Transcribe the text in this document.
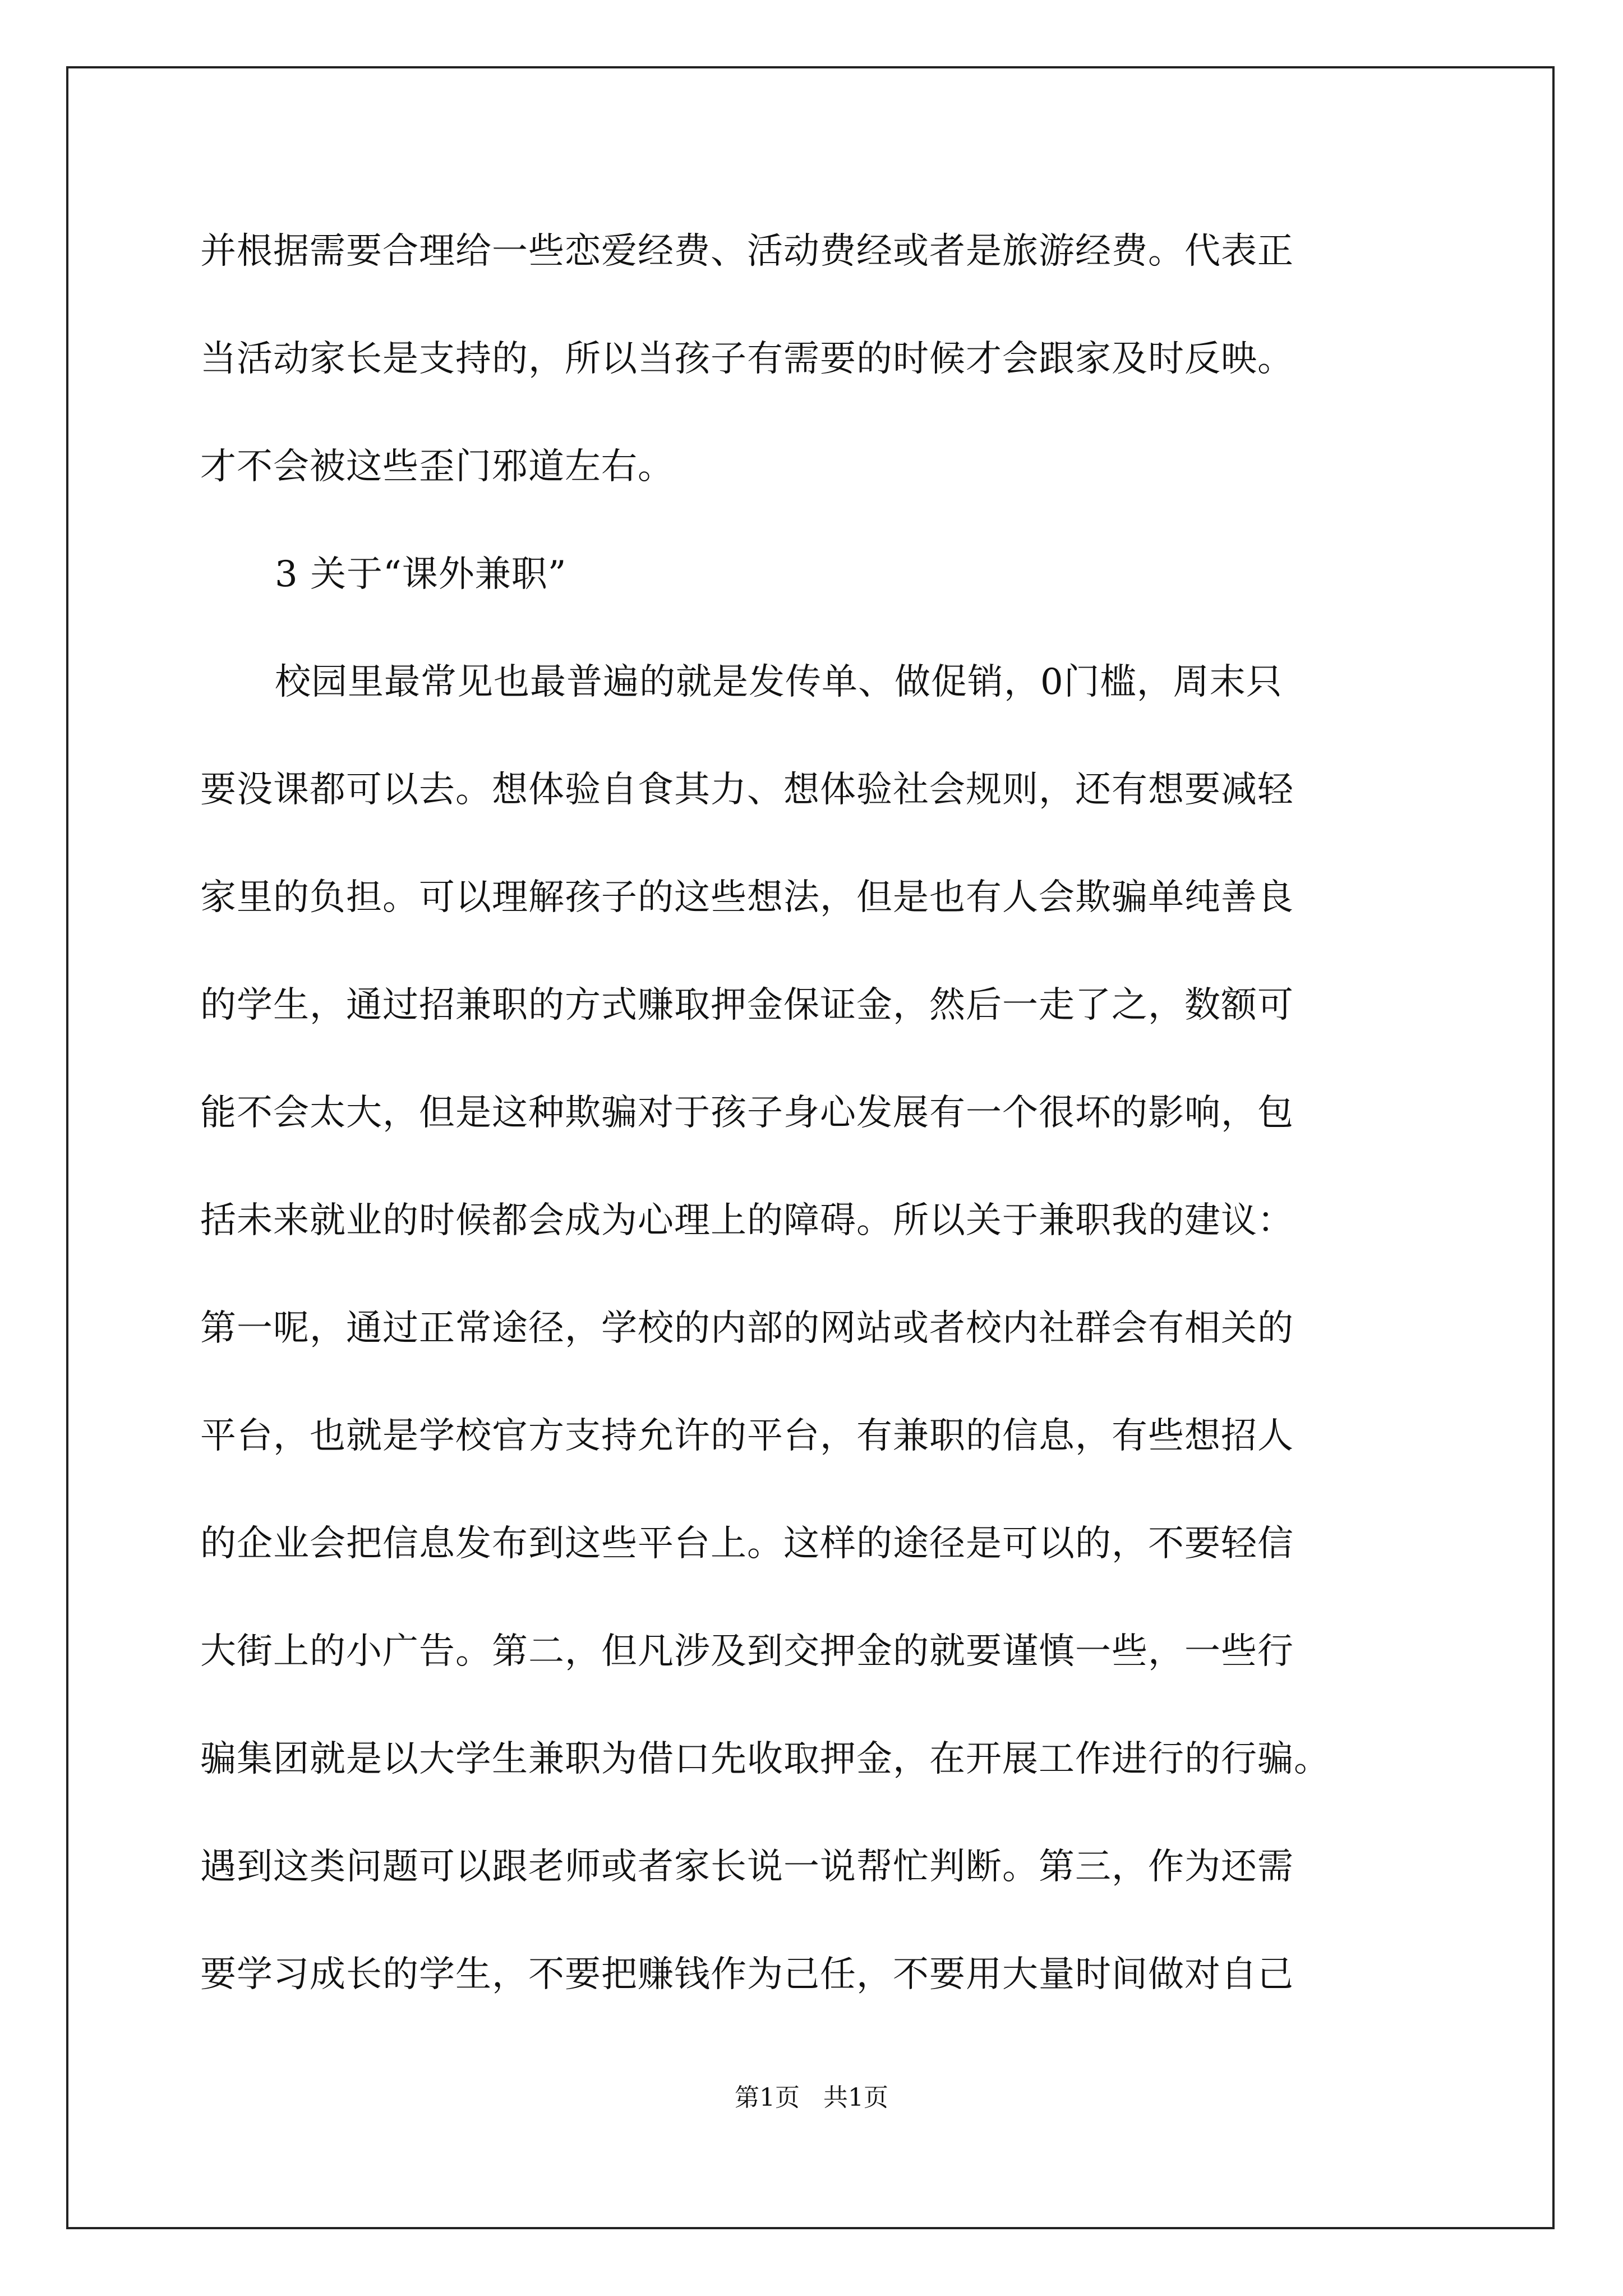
并根据需要合理给一些恋爱经费、活动费经或者是旅游经费。代表正
当活动家长是支持的，所以当孩子有需要的时候才会跟家及时反映。
才不会被这些歪门邪道左右。
3 关于“课外兼职”
校园里最常见也最普遍的就是发传单、做促销，0门槛，周末只
要没课都可以去。想体验自食其力、想体验社会规则，还有想要减轻
家里的负担。可以理解孩子的这些想法，但是也有人会欺骗单纯善良
的学生，通过招兼职的方式赚取押金保证金，然后一走了之，数额可
能不会太大，但是这种欺骗对于孩子身心发展有一个很坏的影响，包
括未来就业的时候都会成为心理上的障碍。所以关于兼职我的建议：
第一呢，通过正常途径，学校的内部的网站或者校内社群会有相关的
平台，也就是学校官方支持允许的平台，有兼职的信息，有些想招人
的企业会把信息发布到这些平台上。这样的途径是可以的，不要轻信
大街上的小广告。第二，但凡涉及到交押金的就要谨慎一些，一些行
骗集团就是以大学生兼职为借口先收取押金，在开展工作进行的行骗。
遇到这类问题可以跟老师或者家长说一说帮忙判断。第三，作为还需
要学习成长的学生，不要把赚钱作为己任，不要用大量时间做对自己
第1页   共1页
